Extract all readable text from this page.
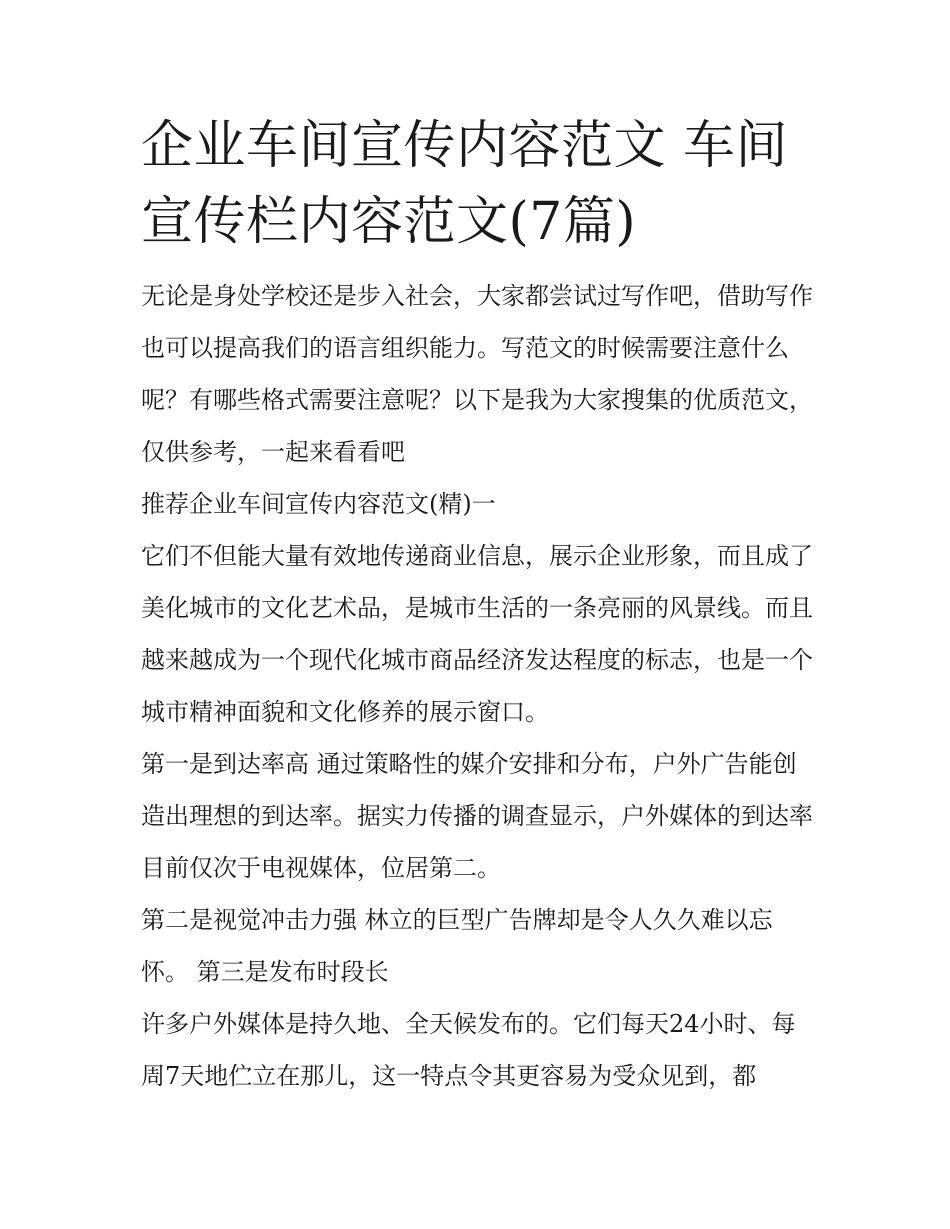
企业车间宣传内容范文 车间宣传栏内容范文(7篇)

无论是身处学校还是步入社会，大家都尝试过写作吧，借助写作也可以提高我们的语言组织能力。写范文的时候需要注意什么呢？有哪些格式需要注意呢？以下是我为大家搜集的优质范文，仅供参考，一起来看看吧

推荐企业车间宣传内容范文(精)一

它们不但能大量有效地传递商业信息，展示企业形象，而且成了美化城市的文化艺术品，是城市生活的一条亮丽的风景线。而且越来越成为一个现代化城市商品经济发达程度的标志，也是一个城市精神面貌和文化修养的展示窗口。

第一是到达率高 通过策略性的媒介安排和分布，户外广告能创造出理想的到达率。据实力传播的调查显示，户外媒体的到达率目前仅次于电视媒体，位居第二。

第二是视觉冲击力强 林立的巨型广告牌却是令人久久难以忘怀。 第三是发布时段长

许多户外媒体是持久地、全天候发布的。它们每天24小时、每周7天地伫立在那儿，这一特点令其更容易为受众见到，都
